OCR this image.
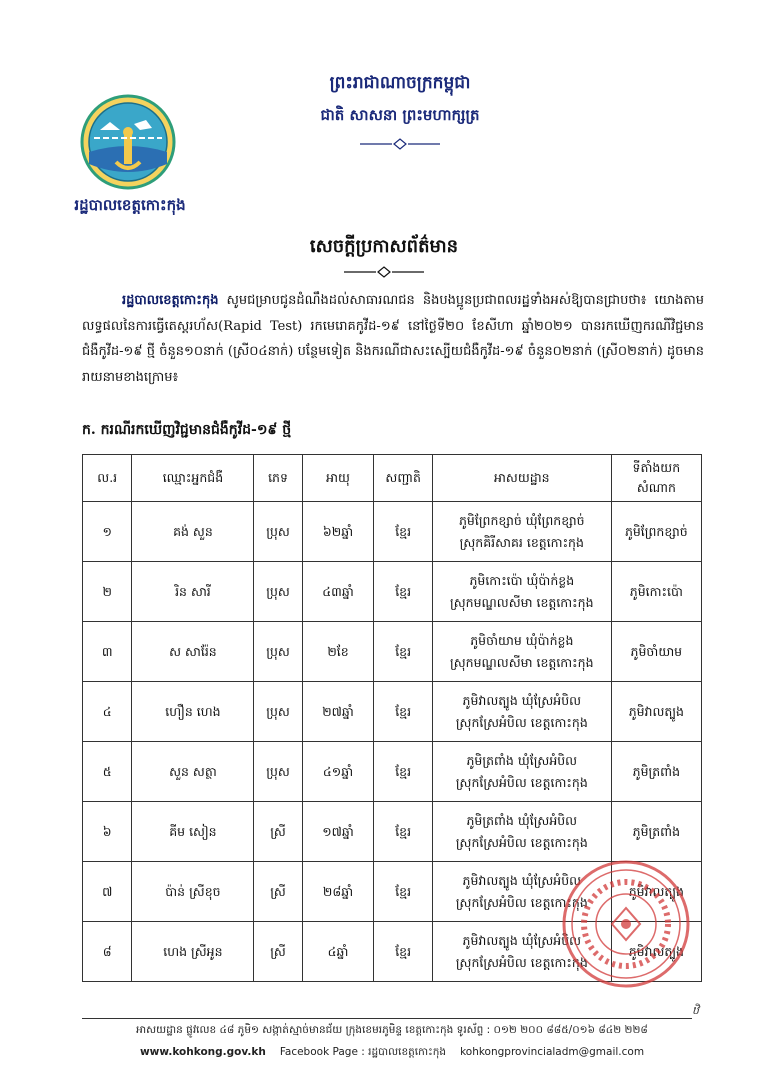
ព្រះរាជាណាចក្រកម្ពុជា
ជាតិ សាសនា ព្រះមហាក្សត្រ
រដ្ឋបាលខេត្តកោះកុង
សេចក្តីប្រកាសព័ត៌មាន
រដ្ឋបាលខេត្តកោះកុង សូមជម្រាបជូនដំណឹងដល់សាធារណជន និងបងប្អូនប្រជាពលរដ្ឋទាំងអស់ឱ្យបានជ្រាបថា៖ យោងតាមលទ្ធផលនៃការធ្វើតេស្តរហ័ស(Rapid Test) រកមេរោគកូវីដ-១៩ នៅថ្ងៃទី២០ ខែសីហា ឆ្នាំ២០២១ បានរកឃើញករណីវិជ្ជមានជំងឺកូវីដ-១៩ ថ្មី ចំនួន១០នាក់ (ស្រី០៤នាក់) បន្ថែមទៀត និងករណីជាសះស្បើយជំងឺកូវីដ-១៩ ចំនួន០២នាក់ (ស្រី០២នាក់) ដូចមានរាយនាមខាងក្រោម៖
ក. ករណីរកឃើញវិជ្ជមានជំងឺកូវីដ-១៩ ថ្មី
ល.រ	ឈ្មោះអ្នកជំងឺ	ភេទ	អាយុ	សញ្ជាតិ	អាសយដ្ឋាន	ទីតាំងយកសំណាក
១	គង់ សួន	ប្រុស	៦២ឆ្នាំ	ខ្មែរ	ភូមិព្រែកខ្សាច់ ឃុំព្រែកខ្សាច់
ស្រុកគិរីសាគរ ខេត្តកោះកុង	ភូមិព្រែកខ្សាច់
២	រិន សារី	ប្រុស	៤៣ឆ្នាំ	ខ្មែរ	ភូមិកោះប៉ោ ឃុំប៉ាក់ខ្លង
ស្រុកមណ្ឌលសីមា ខេត្តកោះកុង	ភូមិកោះប៉ោ
៣	ស សារ៉ែន	ប្រុស	២ខែ	ខ្មែរ	ភូមិចាំយាម ឃុំប៉ាក់ខ្លង
ស្រុកមណ្ឌលសីមា ខេត្តកោះកុង	ភូមិចាំយាម
៤	ហឿន ហេង	ប្រុស	២៧ឆ្នាំ	ខ្មែរ	ភូមិវាលត្បូង ឃុំស្រែអំបិល
ស្រុកស្រែអំបិល ខេត្តកោះកុង	ភូមិវាលត្បូង
៥	សួន សត្ថា	ប្រុស	៤១ឆ្នាំ	ខ្មែរ	ភូមិត្រពាំង ឃុំស្រែអំបិល
ស្រុកស្រែអំបិល ខេត្តកោះកុង	ភូមិត្រពាំង
៦	គីម សៀន	ស្រី	១៧ឆ្នាំ	ខ្មែរ	ភូមិត្រពាំង ឃុំស្រែអំបិល
ស្រុកស្រែអំបិល ខេត្តកោះកុង	ភូមិត្រពាំង
៧	ប៉ាន់ ស្រីខុច	ស្រី	២៨ឆ្នាំ	ខ្មែរ	ភូមិវាលត្បូង ឃុំស្រែអំបិល
ស្រុកស្រែអំបិល ខេត្តកោះកុង	ភូមិវាលត្បូង
៨	ហេង ស្រីអូន	ស្រី	៤ឆ្នាំ	ខ្មែរ	ភូមិវាលត្បូង ឃុំស្រែអំបិល
ស្រុកស្រែអំបិល ខេត្តកោះកុង	ភូមិវាលត្បូង
ឋិ
អាសយដ្ឋាន ផ្លូវលេខ ៤៨ ភូមិ១ សង្កាត់ស្មាច់មានជ័យ ក្រុងខេមរភូមិន្ទ ខេត្តកោះកុង ទូរស័ព្ទ : ០១២ ២០០ ៨៨៥/០១៦ ៨៤២ ២២៨
www.kohkong.gov.kh Facebook Page : រដ្ឋបាលខេត្តកោះកុង kohkongprovincialadm@gmail.com
